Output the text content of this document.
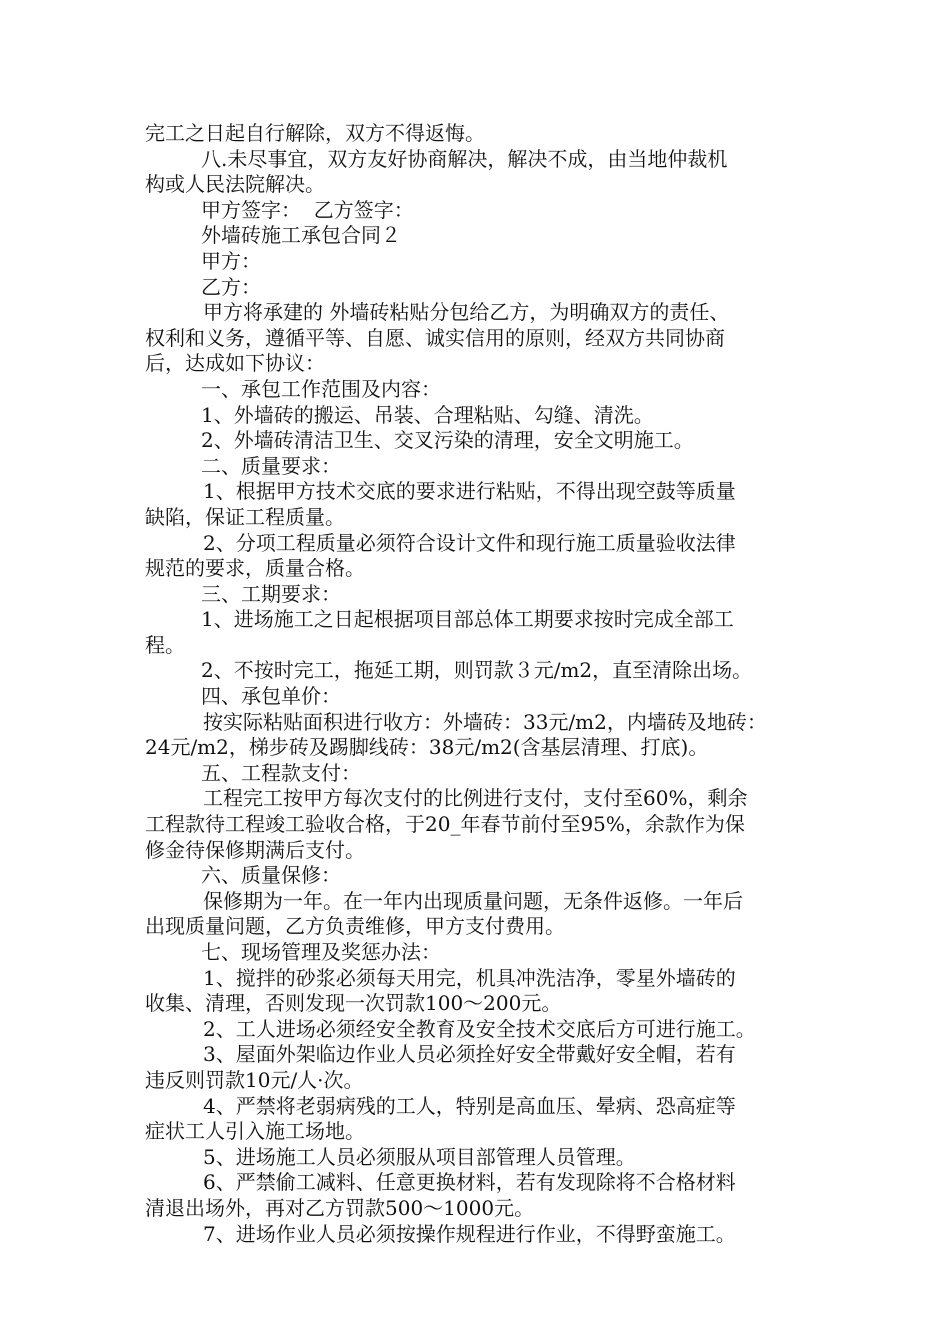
完工之日起自行解除，双方不得返悔。
八.未尽事宜，双方友好协商解决，解决不成，由当地仲裁机
构或人民法院解决。
甲方签字：  乙方签字：
外墙砖施工承包合同２
甲方：
乙方：
甲方将承建的 外墙砖粘贴分包给乙方，为明确双方的责任、
权利和义务，遵循平等、自愿、诚实信用的原则，经双方共同协商
后，达成如下协议：
一、承包工作范围及内容：
1、外墙砖的搬运、吊装、合理粘贴、勾缝、清洗。
2、外墙砖清洁卫生、交叉污染的清理，安全文明施工。
二、质量要求：
1、根据甲方技术交底的要求进行粘贴，不得出现空鼓等质量
缺陷，保证工程质量。
2、分项工程质量必须符合设计文件和现行施工质量验收法律
规范的要求，质量合格。
三、工期要求：
1、进场施工之日起根据项目部总体工期要求按时完成全部工
程。
2、不按时完工，拖延工期，则罚款３元/m2，直至清除出场。
四、承包单价：
按实际粘贴面积进行收方：外墙砖：33元/m2，内墙砖及地砖：
24元/m2，梯步砖及踢脚线砖：38元/m2(含基层清理、打底)。
五、工程款支付：
工程完工按甲方每次支付的比例进行支付，支付至60%，剩余
工程款待工程竣工验收合格，于20_年春节前付至95%，余款作为保
修金待保修期满后支付。
六、质量保修：
保修期为一年。在一年内出现质量问题，无条件返修。一年后
出现质量问题，乙方负责维修，甲方支付费用。
七、现场管理及奖惩办法：
1、搅拌的砂浆必须每天用完，机具冲洗洁净，零星外墙砖的
收集、清理，否则发现一次罚款100～200元。
2、工人进场必须经安全教育及安全技术交底后方可进行施工。
3、屋面外架临边作业人员必须拴好安全带戴好安全帽，若有
违反则罚款10元/人·次。
4、严禁将老弱病残的工人，特别是高血压、晕病、恐高症等
症状工人引入施工场地。
5、进场施工人员必须服从项目部管理人员管理。
6、严禁偷工减料、任意更换材料，若有发现除将不合格材料
清退出场外，再对乙方罚款500～1000元。
7、进场作业人员必须按操作规程进行作业，不得野蛮施工。
